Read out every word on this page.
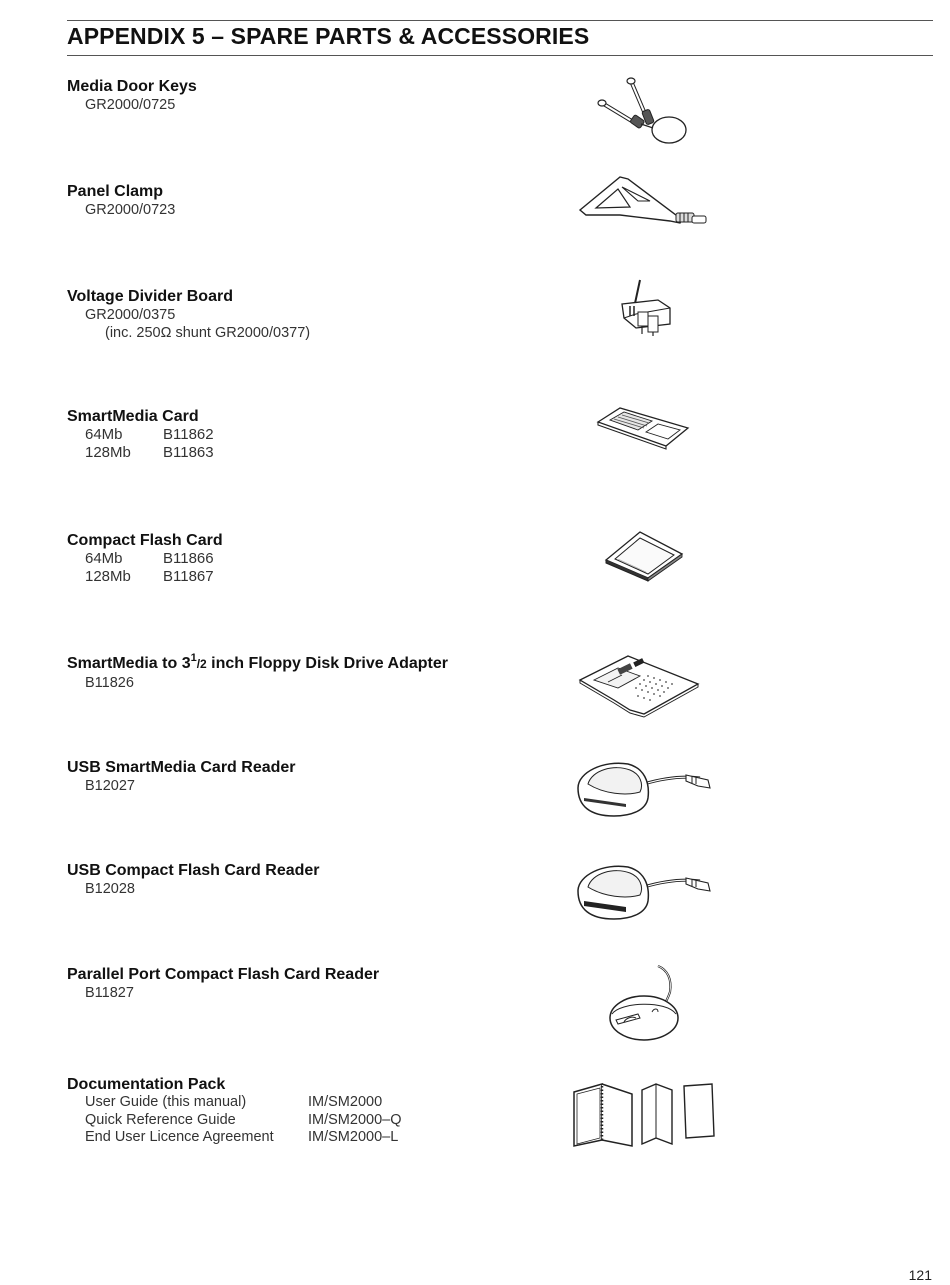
APPENDIX 5 – SPARE PARTS & ACCESSORIES
Media Door Keys
GR2000/0725
Panel Clamp
GR2000/0723
Voltage Divider Board
GR2000/0375
(inc. 250Ω shunt GR2000/0377)
SmartMedia Card
64Mb	B11862
128Mb	B11863
Compact Flash Card
64Mb	B11866
128Mb	B11867
SmartMedia to $3^1/2$ inch Floppy Disk Drive Adapter
B11826
USB SmartMedia Card Reader
B12027
USB Compact Flash Card Reader
B12028
Parallel Port Compact Flash Card Reader
B11827
Documentation Pack
User Guide (this manual)	IM/SM2000
Quick Reference Guide	IM/SM2000–Q
End User Licence Agreement	IM/SM2000–L
121
